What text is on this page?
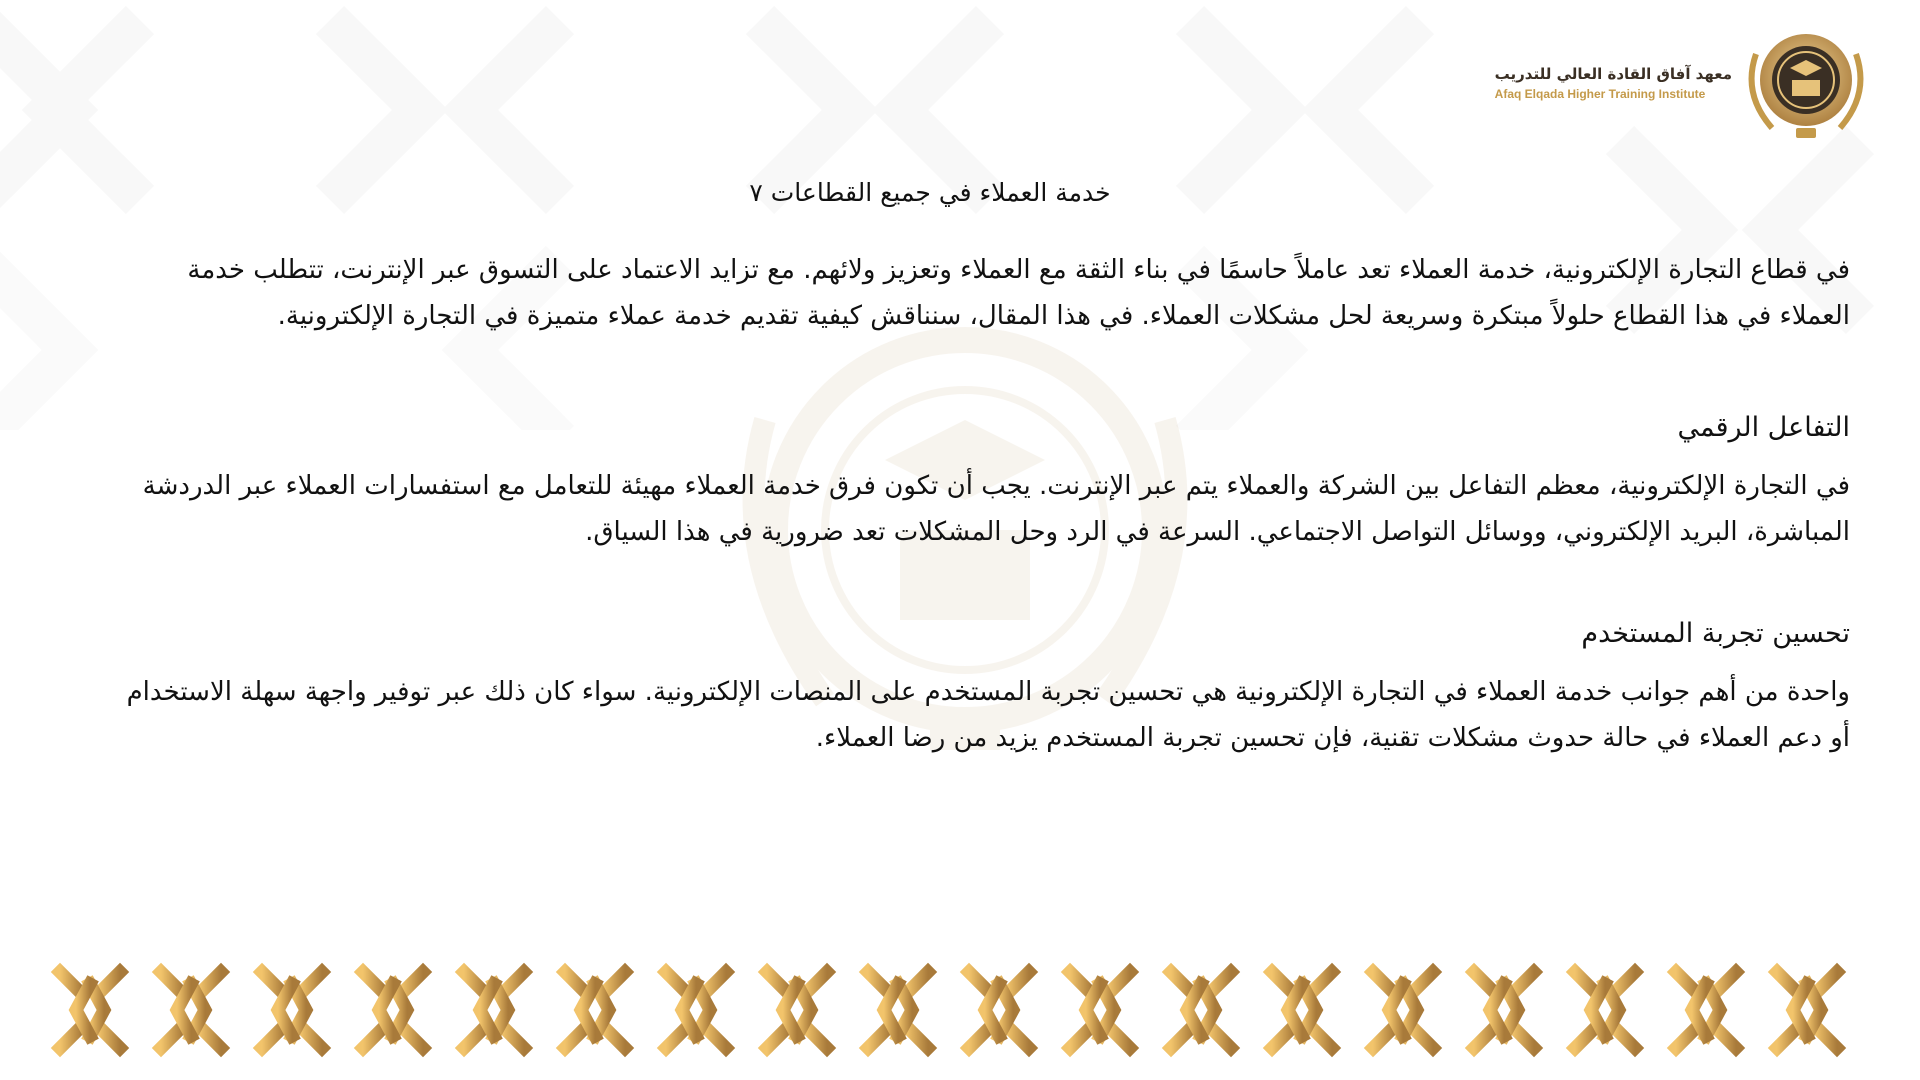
معهد آفاق القادة العالي للتدريب
Afaq Elqada Higher Training Institute
خدمة العملاء في جميع القطاعات ٧

في قطاع التجارة الإلكترونية، خدمة العملاء تعد عاملاً حاسمًا في بناء الثقة مع العملاء وتعزيز ولائهم. مع تزايد الاعتماد على التسوق عبر الإنترنت، تتطلب خدمة العملاء في هذا القطاع حلولاً مبتكرة وسريعة لحل مشكلات العملاء. في هذا المقال، سنناقش كيفية تقديم خدمة عملاء متميزة في التجارة الإلكترونية.

التفاعل الرقمي

في التجارة الإلكترونية، معظم التفاعل بين الشركة والعملاء يتم عبر الإنترنت. يجب أن تكون فرق خدمة العملاء مهيئة للتعامل مع استفسارات العملاء عبر الدردشة المباشرة، البريد الإلكتروني، ووسائل التواصل الاجتماعي. السرعة في الرد وحل المشكلات تعد ضرورية في هذا السياق.

تحسين تجربة المستخدم

واحدة من أهم جوانب خدمة العملاء في التجارة الإلكترونية هي تحسين تجربة المستخدم على المنصات الإلكترونية. سواء كان ذلك عبر توفير واجهة سهلة الاستخدام أو دعم العملاء في حالة حدوث مشكلات تقنية، فإن تحسين تجربة المستخدم يزيد من رضا العملاء.
